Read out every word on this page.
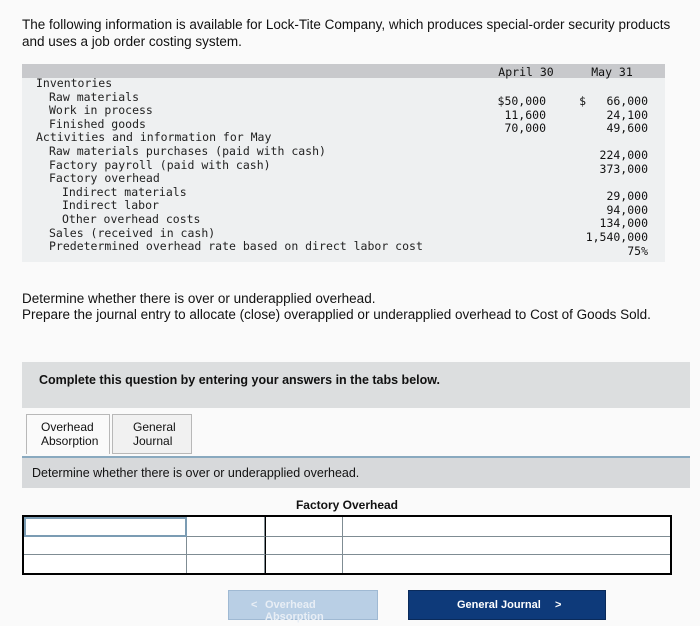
The following information is available for Lock-Tite Company, which produces special-order security products and uses a job order costing system.
April 30	May 31
Inventories
Raw materials
Work in process
Finished goods
Activities and information for May
Raw materials purchases (paid with cash)
Factory payroll (paid with cash)
Factory overhead
Indirect materials
Indirect labor
Other overhead costs
Sales (received in cash)
Predetermined overhead rate based on direct labor cost
$50,000
11,600
70,000

$	66,000
24,100
49,600

224,000
373,000

29,000
94,000
134,000
1,540,000
75%
Determine whether there is over or underapplied overhead.
Prepare the journal entry to allocate (close) overapplied or underapplied overhead to Cost of Goods Sold.
Complete this question by entering your answers in the tabs below.
Overhead
Absorption
General
Journal
Determine whether there is over or underapplied overhead.
Factory Overhead
< Overhead Absorption
General Journal >
